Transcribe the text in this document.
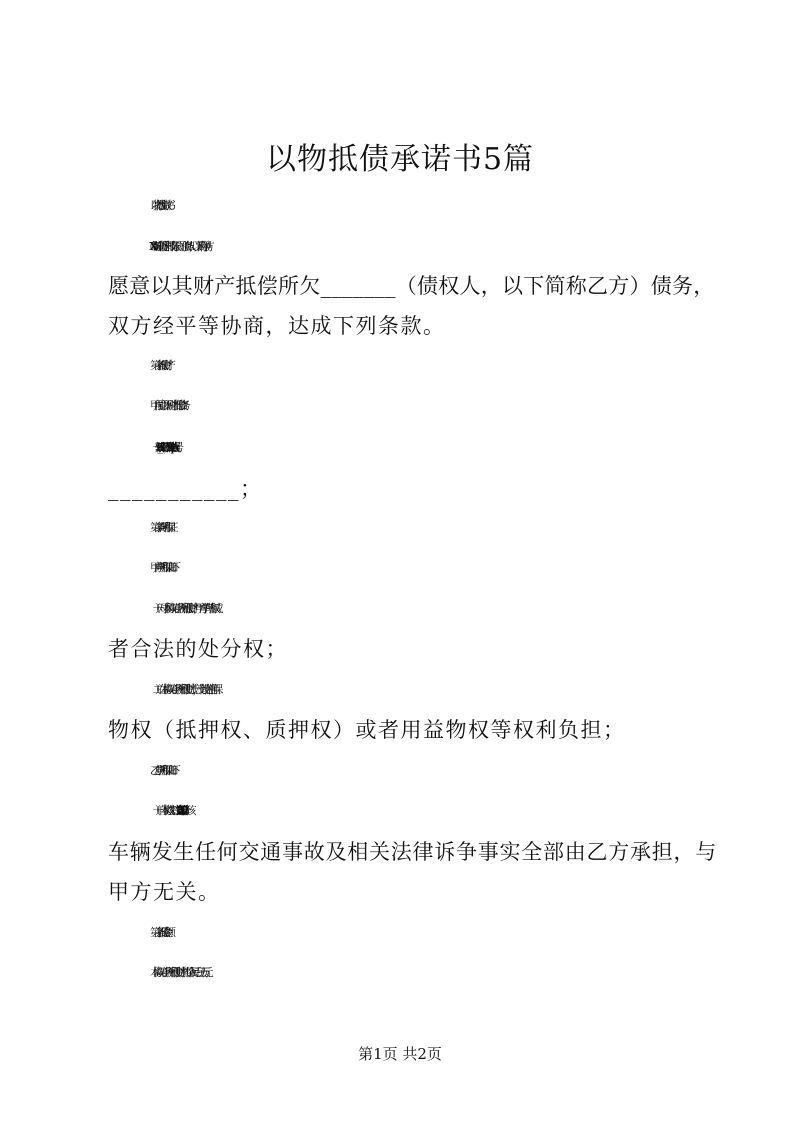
以物抵债承诺书5篇

以物抵债协议书

XX市彤坤新能源科技有限公司（债务人，以下简称甲方）

愿意以其财产抵偿所欠_______（债权人，以下简称乙方）债务，

双方经平等协商，达成下列条款。

第一条抵债财产

甲方同意以下列财产抵偿债务：

（一）_荣威750轿车牌照号：吉ap4991，发动机号：

___________；

第二条声明和保证

甲方声明和保证如下：

（一）对于本协议第一条所列抵债财产，甲方享有所有权或

者合法的处分权；

（二）在本协议第一条所列抵债财产上，没有设立任何担保

物权（抵押权、质押权）或者用益物权等权利负担；

乙方声明和保证如下：

（一）自本协议生效之日起（2011年12月22日时分）该

车辆发生任何交通事故及相关法律诉争事实全部由乙方承担，与

甲方无关。

第三条抵债金额

本协议第一条所列抵债财产共折价人民币三十万元。

第1页 共2页
